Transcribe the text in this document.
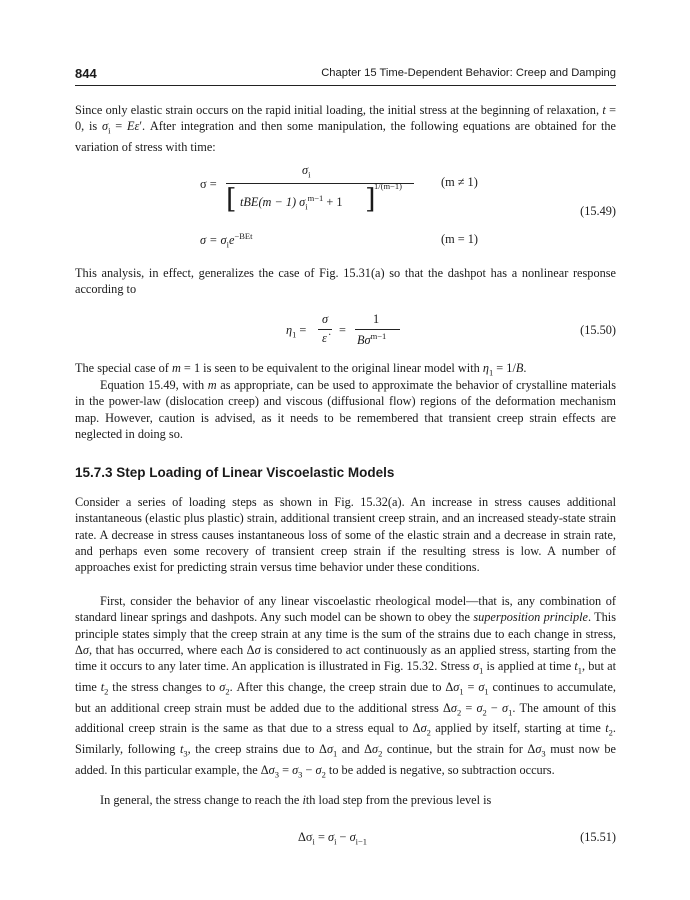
844	Chapter 15 Time-Dependent Behavior: Creep and Damping

Since only elastic strain occurs on the rapid initial loading, the initial stress at the beginning of relaxation, t = 0, is $\sigma_i = E\varepsilon'$. After integration and then some manipulation, the following equations are obtained for the variation of stress with time:

σ =
$\sigma_i$
[ tBE(m − 1) $\sigma_i^{m-1} + 1$ ]
1/(m−1)	(m ≠ 1)
(15.49)
$\sigma = \sigma_ie^{-BEt}$	(m = 1)

This analysis, in effect, generalizes the case of Fig. 15.31(a) so that the dashpot has a nonlinear response according to

$\eta_1$ =
σ
ε̇
=
1
$B\sigma^{m-1}$	(15.50)

The special case of m = 1 is seen to be equivalent to the original linear model with $\eta_1 = 1/B$.

Equation 15.49, with m as appropriate, can be used to approximate the behavior of crystalline materials in the power-law (dislocation creep) and viscous (diffusional flow) regions of the deformation mechanism map. However, caution is advised, as it needs to be remembered that transient creep strain effects are neglected in doing so.

15.7.3 Step Loading of Linear Viscoelastic Models

Consider a series of loading steps as shown in Fig. 15.32(a). An increase in stress causes additional instantaneous (elastic plus plastic) strain, additional transient creep strain, and an increased steady-state strain rate. A decrease in stress causes instantaneous loss of some of the elastic strain and a decrease in strain rate, and perhaps even some recovery of transient creep strain if the resulting stress is low. A number of approaches exist for predicting strain versus time behavior under these conditions.

First, consider the behavior of any linear viscoelastic rheological model—that is, any combination of standard linear springs and dashpots. Any such model can be shown to obey the superposition principle. This principle states simply that the creep strain at any time is the sum of the strains due to each change in stress, Δσ, that has occurred, where each Δσ is considered to act continuously as an applied stress, starting from the time it occurs to any later time. An application is illustrated in Fig. 15.32. Stress $\sigma_1$ is applied at time $t_1$, but at time $t_2$ the stress changes to $\sigma_2$. After this change, the creep strain due to $\Delta\sigma_1 = \sigma_1$ continues to accumulate, but an additional creep strain must be added due to the additional stress $\Delta\sigma_2 = \sigma_2 - \sigma_1$. The amount of this additional creep strain is the same as that due to a stress equal to $\Delta\sigma_2$ applied by itself, starting at time $t_2$. Similarly, following $t_3$, the creep strains due to $\Delta\sigma_1$ and $\Delta\sigma_2$ continue, but the strain for $\Delta\sigma_3$ must now be added. In this particular example, the $\Delta\sigma_3 = \sigma_3 - \sigma_2$ to be added is negative, so subtraction occurs.

In general, the stress change to reach the ith load step from the previous level is

$\Delta\sigma_i = \sigma_i - \sigma_{i-1}$	(15.51)
